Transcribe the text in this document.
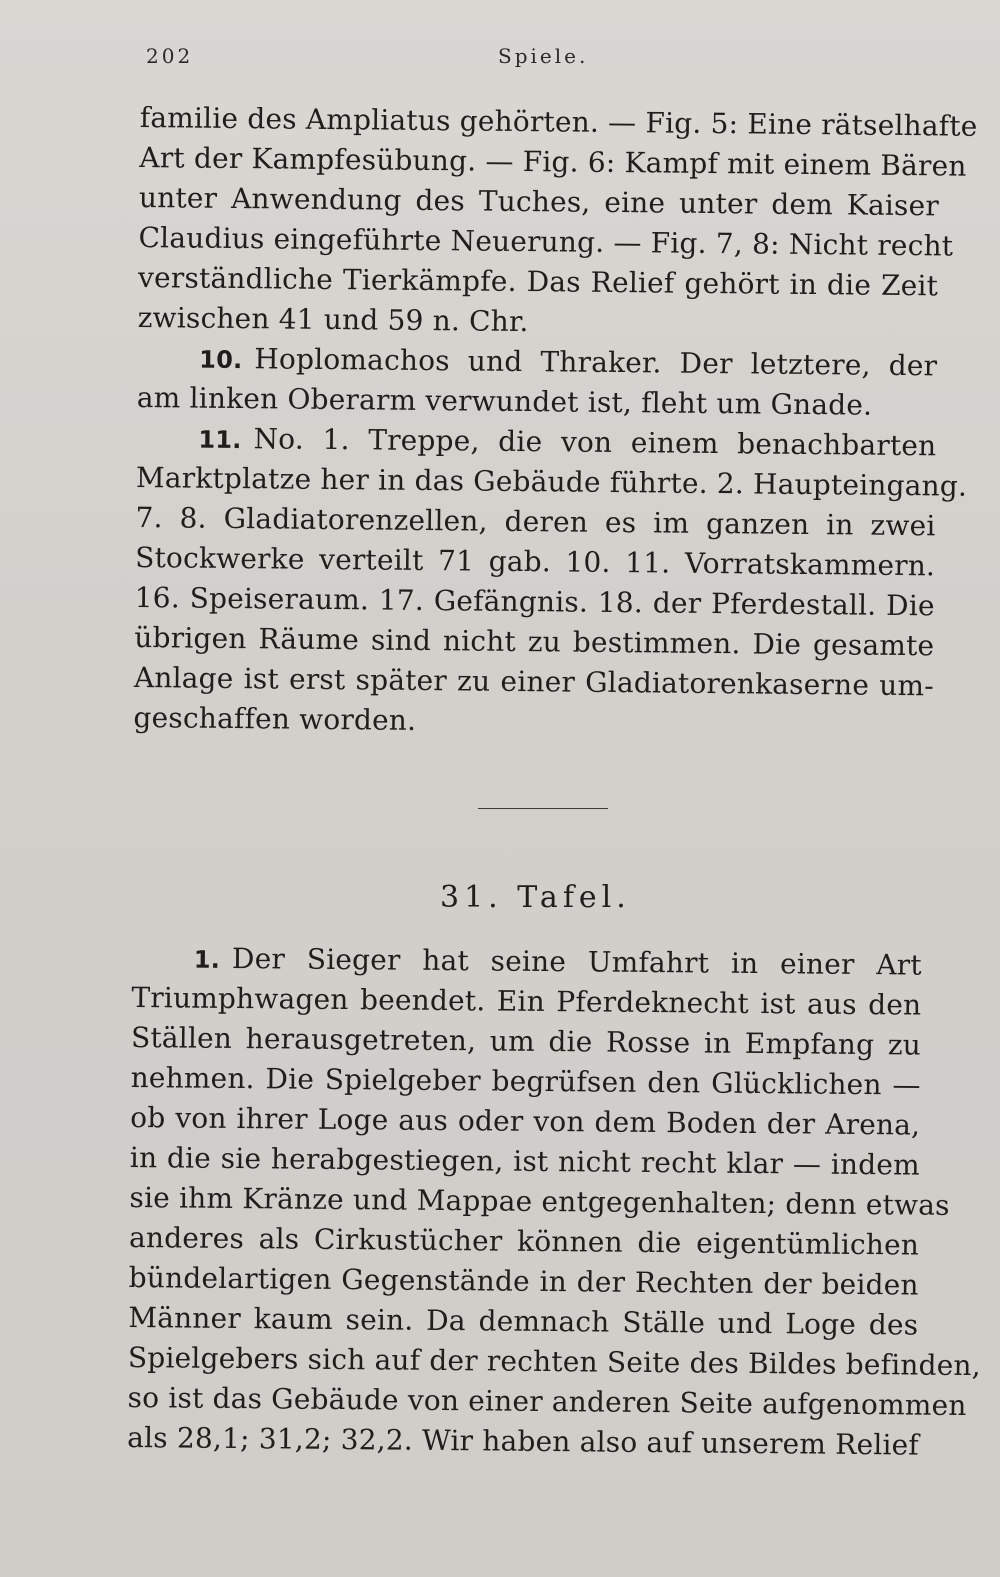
202	Spiele.
familie des Ampliatus gehörten. — Fig. 5: Eine rätselhafte
Art der Kampfesübung. — Fig. 6: Kampf mit einem Bären
unter Anwendung des Tuches, eine unter dem Kaiser
Claudius eingeführte Neuerung. — Fig. 7, 8: Nicht recht
verständliche Tierkämpfe. Das Relief gehört in die Zeit
zwischen 41 und 59 n. Chr.
10. Hoplomachos und Thraker. Der letztere, der
am linken Oberarm verwundet ist, fleht um Gnade.
11. No. 1. Treppe, die von einem benachbarten
Marktplatze her in das Gebäude führte. 2. Haupteingang.
7. 8. Gladiatorenzellen, deren es im ganzen in zwei
Stockwerke verteilt 71 gab. 10. 11. Vorratskammern.
16. Speiseraum. 17. Gefängnis. 18. der Pferdestall. Die
übrigen Räume sind nicht zu bestimmen. Die gesamte
Anlage ist erst später zu einer Gladiatorenkaserne um-
geschaffen worden.
31. Tafel.
1. Der Sieger hat seine Umfahrt in einer Art
Triumphwagen beendet. Ein Pferdeknecht ist aus den
Ställen herausgetreten, um die Rosse in Empfang zu
nehmen. Die Spielgeber begrüfsen den Glücklichen —
ob von ihrer Loge aus oder von dem Boden der Arena,
in die sie herabgestiegen, ist nicht recht klar — indem
sie ihm Kränze und Mappae entgegenhalten; denn etwas
anderes als Cirkustücher können die eigentümlichen
bündelartigen Gegenstände in der Rechten der beiden
Männer kaum sein. Da demnach Ställe und Loge des
Spielgebers sich auf der rechten Seite des Bildes befinden,
so ist das Gebäude von einer anderen Seite aufgenommen
als 28,1; 31,2; 32,2. Wir haben also auf unserem Relief
